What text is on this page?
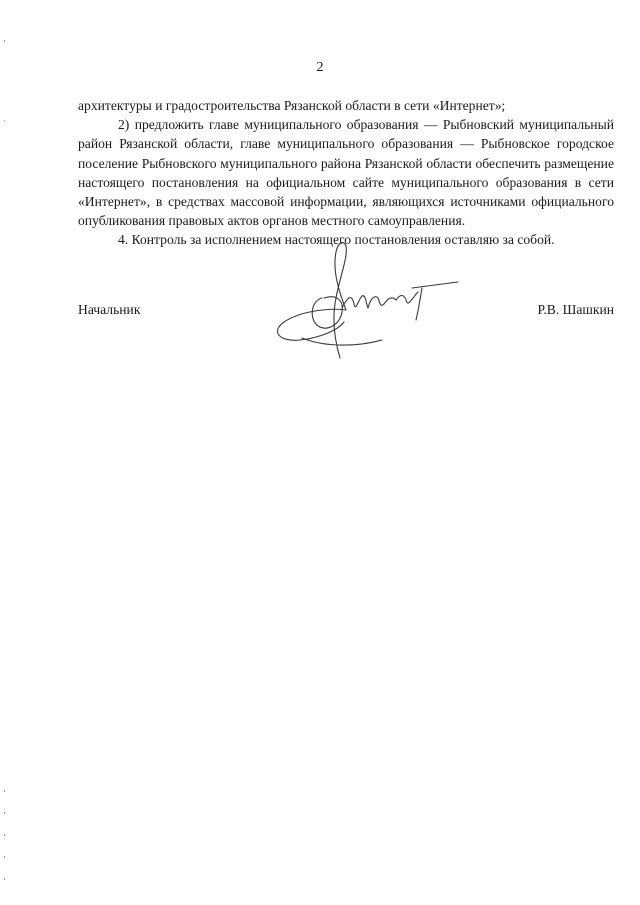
2

архитектуры и градостроительства Рязанской области в сети «Интернет»;

2) предложить главе муниципального образования — Рыбновский муниципальный район Рязанской области, главе муниципального образования — Рыбновское городское поселение Рыбновского муниципального района Рязанской области обеспечить размещение настоящего постановления на официальном сайте муниципального образования в сети «Интернет», в средствах массовой информации, являющихся источниками официального опубликования правовых актов органов местного самоуправления.

4. Контроль за исполнением настоящего постановления оставляю за собой.

Начальник	Р.В. Шашкин
